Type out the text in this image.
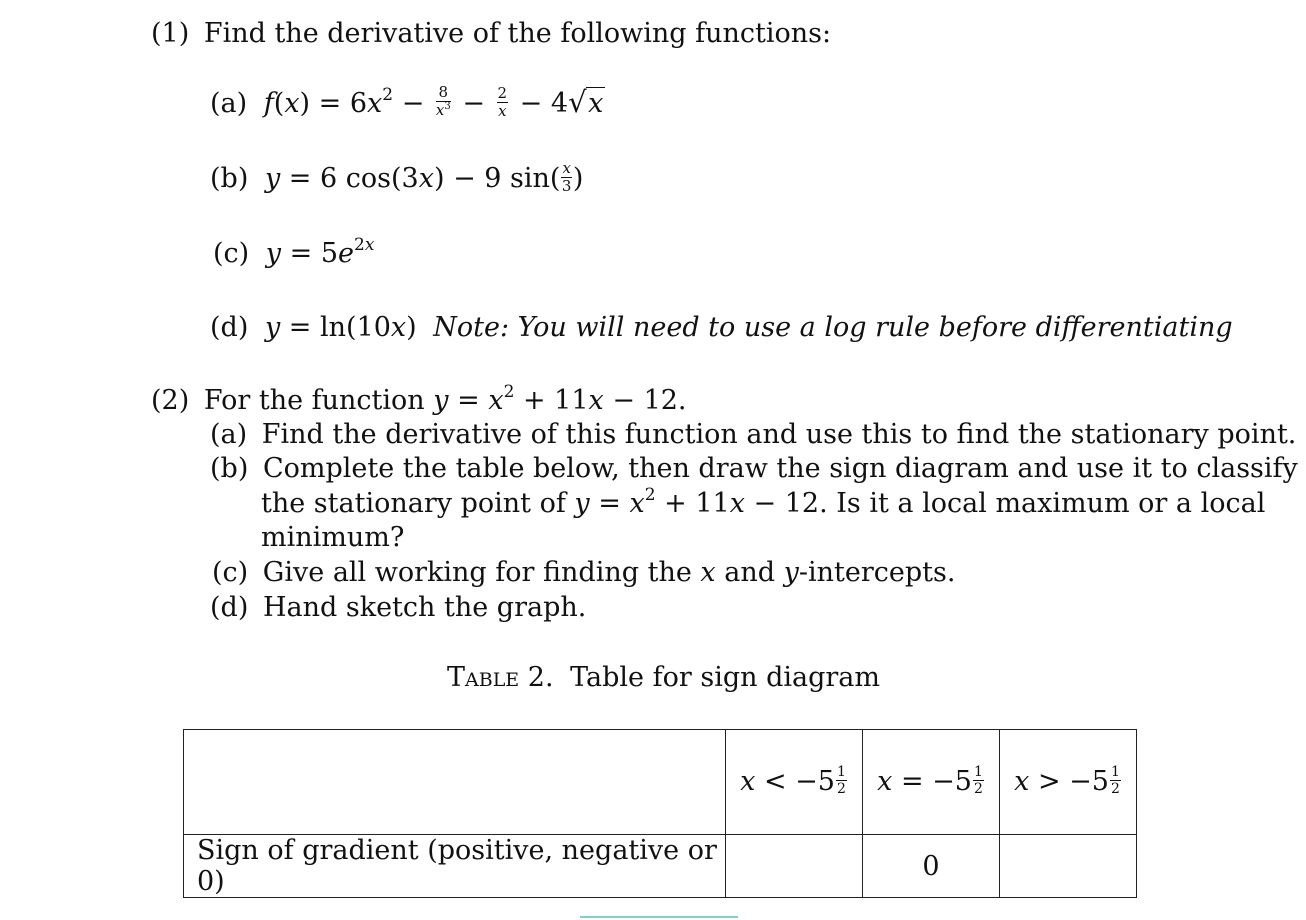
(1) Find the derivative of the following functions:
(a) $f(x) = 6x^2 - \frac{8}{x^3} - \frac{2}{x} - 4$ √ x
(b) y = 6 cos(3x) − 9 $\sin( \frac{x}{3}$ )
(c) $y = 5e^{2x}$
(d) y = ln(10x) Note: You will need to use a log rule before differentiating
(2) For the function $y = x^2 + 11x - 12$.
(a) Find the derivative of this function and use this to find the stationary point.
(b) Complete the table below, then draw the sign diagram and use it to classify
the stationary point of $y = x^2 + 11x - 12$. Is it a local maximum or a local
minimum?
(c) Give all working for finding the x and y-intercepts.
(d) Hand sketch the graph.
Table 2. Table for sign diagram
	$x < -5 \frac{1}{2}$	$x = -5 \frac{1}{2}$	$x > -5 \frac{1}{2}$

Sign of gradient (positive, negative or 0)		0	
